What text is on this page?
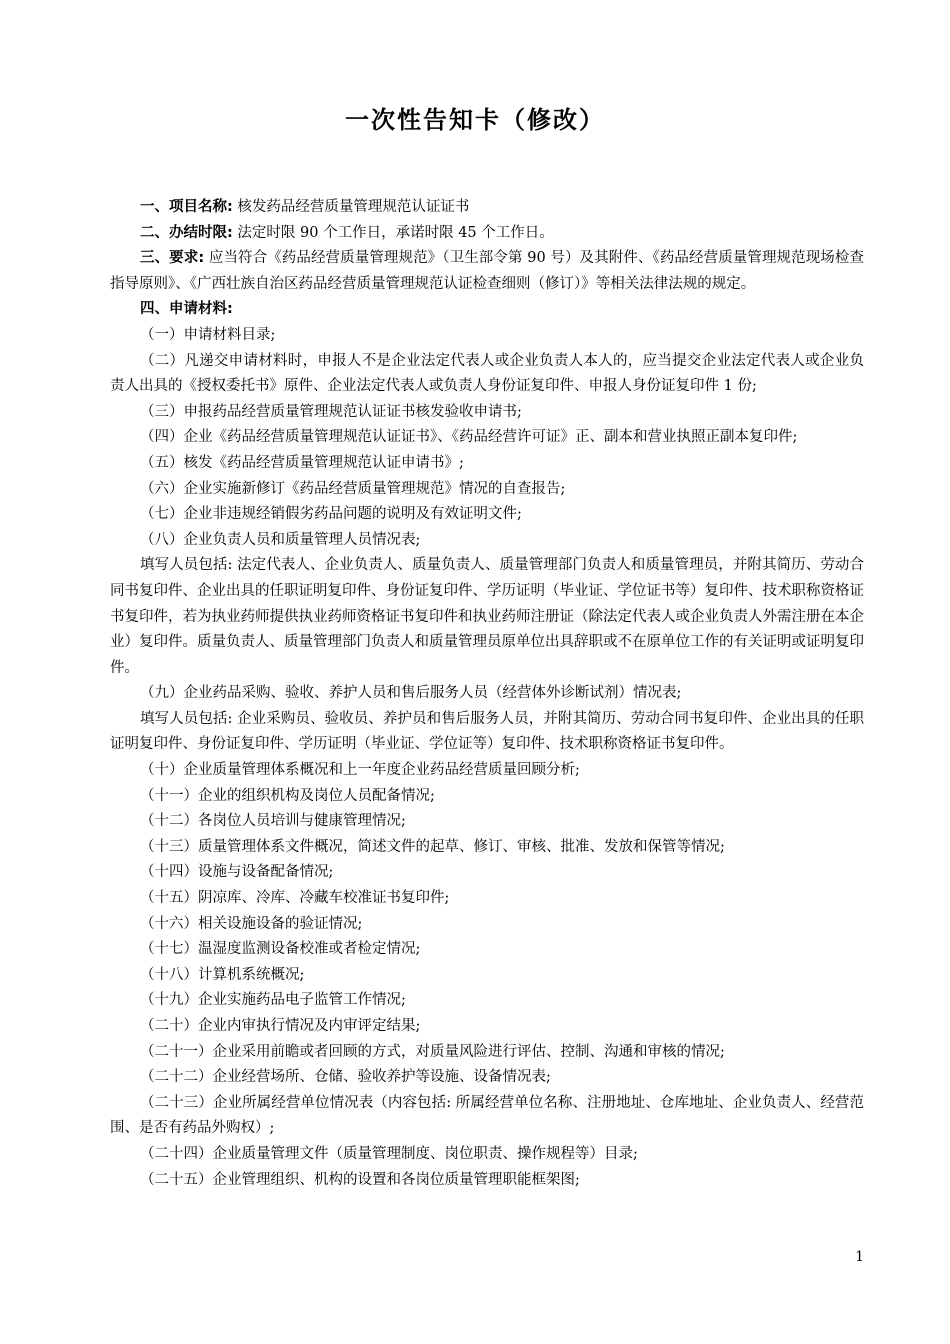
一次性告知卡（修改）

一、项目名称: 核发药品经营质量管理规范认证证书

二、办结时限: 法定时限 90 个工作日，承诺时限 45 个工作日。

三、要求: 应当符合《药品经营质量管理规范》（卫生部令第 90 号）及其附件、《药品经营质量管理规范现场检查指导原则》、《广西壮族自治区药品经营质量管理规范认证检查细则（修订）》等相关法律法规的规定。

四、申请材料:

（一）申请材料目录;

（二）凡递交申请材料时，申报人不是企业法定代表人或企业负责人本人的，应当提交企业法定代表人或企业负责人出具的《授权委托书》原件、企业法定代表人或负责人身份证复印件、申报人身份证复印件 1 份;

（三）申报药品经营质量管理规范认证证书核发验收申请书;

（四）企业《药品经营质量管理规范认证证书》、《药品经营许可证》正、副本和营业执照正副本复印件;

（五）核发《药品经营质量管理规范认证申请书》;

（六）企业实施新修订《药品经营质量管理规范》情况的自查报告;

（七）企业非违规经销假劣药品问题的说明及有效证明文件;

（八）企业负责人员和质量管理人员情况表;

填写人员包括: 法定代表人、企业负责人、质量负责人、质量管理部门负责人和质量管理员，并附其简历、劳动合同书复印件、企业出具的任职证明复印件、身份证复印件、学历证明（毕业证、学位证书等）复印件、技术职称资格证书复印件，若为执业药师提供执业药师资格证书复印件和执业药师注册证（除法定代表人或企业负责人外需注册在本企业）复印件。质量负责人、质量管理部门负责人和质量管理员原单位出具辞职或不在原单位工作的有关证明或证明复印件。

（九）企业药品采购、验收、养护人员和售后服务人员（经营体外诊断试剂）情况表;

填写人员包括: 企业采购员、验收员、养护员和售后服务人员，并附其简历、劳动合同书复印件、企业出具的任职证明复印件、身份证复印件、学历证明（毕业证、学位证等）复印件、技术职称资格证书复印件。

（十）企业质量管理体系概况和上一年度企业药品经营质量回顾分析;

（十一）企业的组织机构及岗位人员配备情况;

（十二）各岗位人员培训与健康管理情况;

（十三）质量管理体系文件概况，简述文件的起草、修订、审核、批准、发放和保管等情况;

（十四）设施与设备配备情况;

（十五）阴凉库、冷库、冷藏车校准证书复印件;

（十六）相关设施设备的验证情况;

（十七）温湿度监测设备校准或者检定情况;

（十八）计算机系统概况;

（十九）企业实施药品电子监管工作情况;

（二十）企业内审执行情况及内审评定结果;

（二十一）企业采用前瞻或者回顾的方式，对质量风险进行评估、控制、沟通和审核的情况;

（二十二）企业经营场所、仓储、验收养护等设施、设备情况表;

（二十三）企业所属经营单位情况表（内容包括: 所属经营单位名称、注册地址、仓库地址、企业负责人、经营范围、是否有药品外购权）;

（二十四）企业质量管理文件（质量管理制度、岗位职责、操作规程等）目录;

（二十五）企业管理组织、机构的设置和各岗位质量管理职能框架图;

1
